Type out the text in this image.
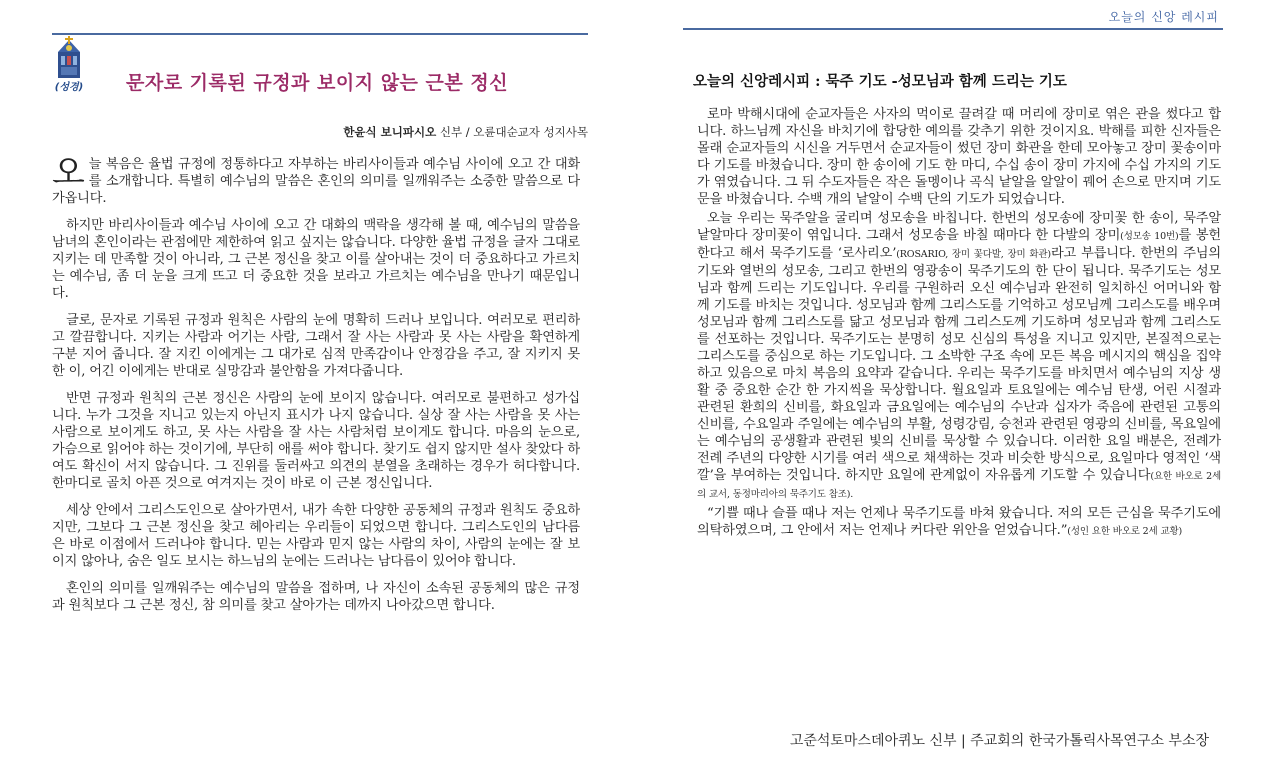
(성경) 문자로 기록된 규정과 보이지 않는 근본 정신
한윤식 보니파시오 신부 / 오륜대순교자 성지사목

오늘 복음은 율법 규정에 정통하다고 자부하는 바리사이들과 예수님 사이에 오고 간 대화를 소개합니다. 특별히 예수님의 말씀은 혼인의 의미를 일깨워주는 소중한 말씀으로 다가옵니다.

하지만 바리사이들과 예수님 사이에 오고 간 대화의 맥락을 생각해 볼 때, 예수님의 말씀을 남녀의 혼인이라는 관점에만 제한하여 읽고 싶지는 않습니다. 다양한 율법 규정을 글자 그대로 지키는 데 만족할 것이 아니라, 그 근본 정신을 찾고 이를 살아내는 것이 더 중요하다고 가르치는 예수님, 좀 더 눈을 크게 뜨고 더 중요한 것을 보라고 가르치는 예수님을 만나기 때문입니다.

글로, 문자로 기록된 규정과 원칙은 사람의 눈에 명확히 드러나 보입니다. 여러모로 편리하고 깔끔합니다. 지키는 사람과 어기는 사람, 그래서 잘 사는 사람과 못 사는 사람을 확연하게 구분 지어 줍니다. 잘 지킨 이에게는 그 대가로 심적 만족감이나 안정감을 주고, 잘 지키지 못한 이, 어긴 이에게는 반대로 실망감과 불안함을 가져다줍니다.

반면 규정과 원칙의 근본 정신은 사람의 눈에 보이지 않습니다. 여러모로 불편하고 성가십니다. 누가 그것을 지니고 있는지 아닌지 표시가 나지 않습니다. 실상 잘 사는 사람을 못 사는 사람으로 보이게도 하고, 못 사는 사람을 잘 사는 사람처럼 보이게도 합니다. 마음의 눈으로, 가슴으로 읽어야 하는 것이기에, 부단히 애를 써야 합니다. 찾기도 쉽지 않지만 설사 찾았다 하여도 확신이 서지 않습니다. 그 진위를 둘러싸고 의견의 분열을 초래하는 경우가 허다합니다. 한마디로 골치 아픈 것으로 여겨지는 것이 바로 이 근본 정신입니다.

세상 안에서 그리스도인으로 살아가면서, 내가 속한 다양한 공동체의 규정과 원칙도 중요하지만, 그보다 그 근본 정신을 찾고 헤아리는 우리들이 되었으면 합니다. 그리스도인의 남다름은 바로 이점에서 드러나야 합니다. 믿는 사람과 믿지 않는 사람의 차이, 사람의 눈에는 잘 보이지 않아나, 숨은 일도 보시는 하느님의 눈에는 드러나는 남다름이 있어야 합니다.

혼인의 의미를 일깨워주는 예수님의 말씀을 접하며, 나 자신이 소속된 공동체의 많은 규정과 원칙보다 그 근본 정신, 참 의미를 찾고 살아가는 데까지 나아갔으면 합니다.

오늘의 신앙 레시피
오늘의 신앙레시피 : 묵주 기도 -성모님과 함께 드리는 기도

로마 박해시대에 순교자들은 사자의 먹이로 끌려갈 때 머리에 장미로 엮은 관을 썼다고 합니다. 하느님께 자신을 바치기에 합당한 예의를 갖추기 위한 것이지요. 박해를 피한 신자들은 몰래 순교자들의 시신을 거두면서 순교자들이 썼던 장미 화관을 한데 모아놓고 장미 꽃송이마다 기도를 바쳤습니다. 장미 한 송이에 기도 한 마디, 수십 송이 장미 가지에 수십 가지의 기도가 엮였습니다. 그 뒤 수도자들은 작은 돌멩이나 곡식 낱알을 알알이 꿰어 손으로 만지며 기도문을 바쳤습니다. 수백 개의 낱알이 수백 단의 기도가 되었습니다.

오늘 우리는 묵주알을 굴리며 성모송을 바칩니다. 한번의 성모송에 장미꽃 한 송이, 묵주알 낱알마다 장미꽃이 엮입니다. 그래서 성모송을 바칠 때마다 한 다발의 장미(성모송 10번)를 봉헌한다고 해서 묵주기도를 ‘로사리오’(ROSARIO, 장미 꽃다발, 장미 화관)라고 부릅니다. 한번의 주님의 기도와 열번의 성모송, 그리고 한번의 영광송이 묵주기도의 한 단이 됩니다. 묵주기도는 성모님과 함께 드리는 기도입니다. 우리를 구원하러 오신 예수님과 완전히 일치하신 어머니와 함께 기도를 바치는 것입니다. 성모님과 함께 그리스도를 기억하고 성모님께 그리스도를 배우며 성모님과 함께 그리스도를 닮고 성모님과 함께 그리스도께 기도하며 성모님과 함께 그리스도를 선포하는 것입니다. 묵주기도는 분명히 성모 신심의 특성을 지니고 있지만, 본질적으로는 그리스도를 중심으로 하는 기도입니다. 그 소박한 구조 속에 모든 복음 메시지의 핵심을 집약하고 있음으로 마치 복음의 요약과 같습니다. 우리는 묵주기도를 바치면서 예수님의 지상 생활 중 중요한 순간 한 가지씩을 묵상합니다. 월요일과 토요일에는 예수님 탄생, 어린 시절과 관련된 환희의 신비를, 화요일과 금요일에는 예수님의 수난과 십자가 죽음에 관련된 고통의 신비를, 수요일과 주일에는 예수님의 부활, 성령강림, 승천과 관련된 영광의 신비를, 목요일에는 예수님의 공생활과 관련된 빛의 신비를 묵상할 수 있습니다. 이러한 요일 배분은, 전례가 전례 주년의 다양한 시기를 여러 색으로 채색하는 것과 비슷한 방식으로, 요일마다 영적인 ‘색깔’을 부여하는 것입니다. 하지만 요일에 관계없이 자유롭게 기도할 수 있습니다(요한 바오로 2세의 교서, 동정마리아의 묵주기도 참조).

“기쁠 때나 슬플 때나 저는 언제나 묵주기도를 바쳐 왔습니다. 저의 모든 근심을 묵주기도에 의탁하였으며, 그 안에서 저는 언제나 커다란 위안을 얻었습니다.”(성인 요한 바오로 2세 교황)

고준석토마스데아퀴노 신부 | 주교회의 한국가톨릭사목연구소 부소장
